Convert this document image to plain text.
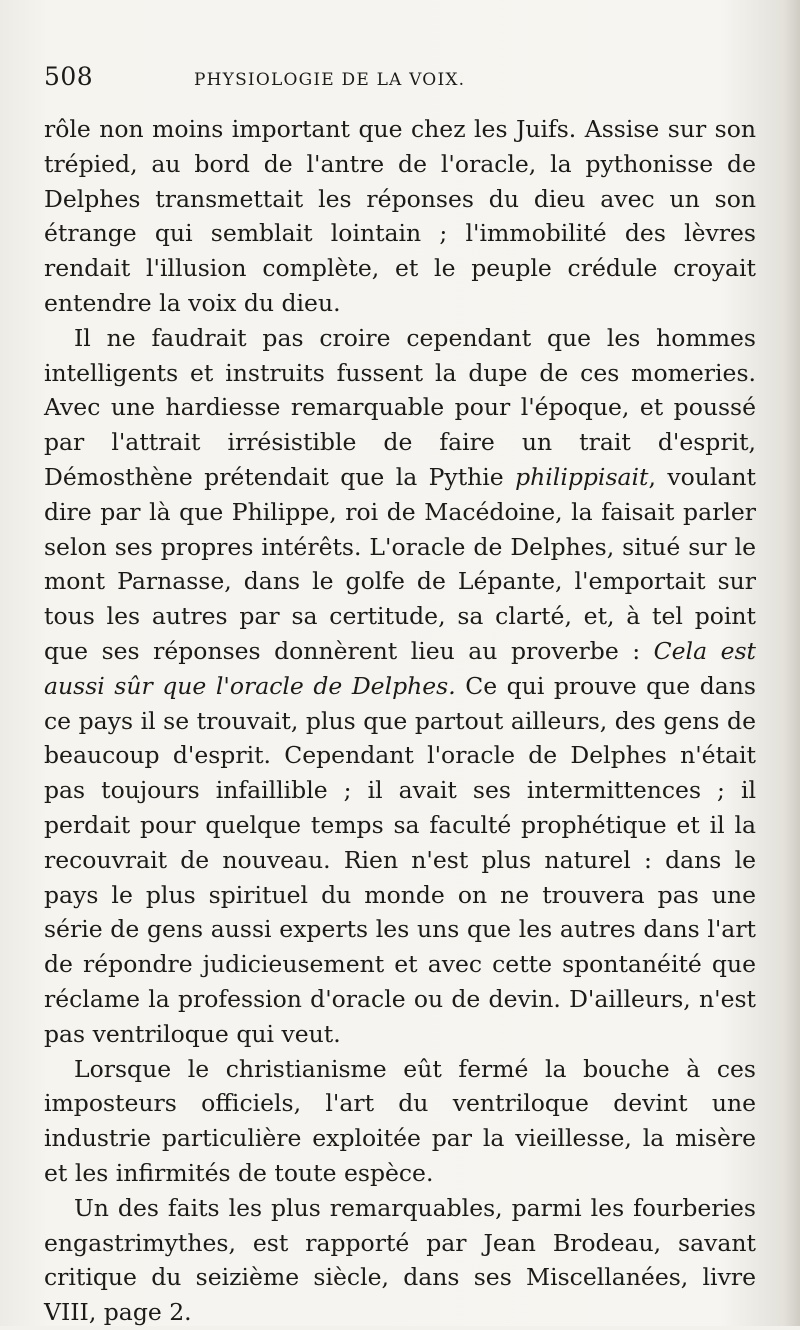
508	PHYSIOLOGIE DE LA VOIX.

rôle non moins important que chez les Juifs. Assise sur son trépied, au bord de l'antre de l'oracle, la pythonisse de Delphes transmettait les réponses du dieu avec un son étrange qui semblait lointain ; l'immobilité des lèvres rendait l'illusion complète, et le peuple crédule croyait entendre la voix du dieu.

Il ne faudrait pas croire cependant que les hommes intelligents et instruits fussent la dupe de ces momeries. Avec une hardiesse remarquable pour l'époque, et poussé par l'attrait irrésistible de faire un trait d'esprit, Démosthène prétendait que la Pythie philippisait, voulant dire par là que Philippe, roi de Macédoine, la faisait parler selon ses propres intérêts. L'oracle de Delphes, situé sur le mont Parnasse, dans le golfe de Lépante, l'emportait sur tous les autres par sa certitude, sa clarté, et, à tel point que ses réponses donnèrent lieu au proverbe : Cela est aussi sûr que l'oracle de Delphes. Ce qui prouve que dans ce pays il se trouvait, plus que partout ailleurs, des gens de beaucoup d'esprit. Cependant l'oracle de Delphes n'était pas toujours infaillible ; il avait ses intermittences ; il perdait pour quelque temps sa faculté prophétique et il la recouvrait de nouveau. Rien n'est plus naturel : dans le pays le plus spirituel du monde on ne trouvera pas une série de gens aussi experts les uns que les autres dans l'art de répondre judicieusement et avec cette spontanéité que réclame la profession d'oracle ou de devin. D'ailleurs, n'est pas ventriloque qui veut.

Lorsque le christianisme eût fermé la bouche à ces imposteurs officiels, l'art du ventriloque devint une industrie particulière exploitée par la vieillesse, la misère et les infirmités de toute espèce.

Un des faits les plus remarquables, parmi les fourberies engastrimythes, est rapporté par Jean Brodeau, savant critique du seizième siècle, dans ses Miscellanées, livre VIII, page 2.
